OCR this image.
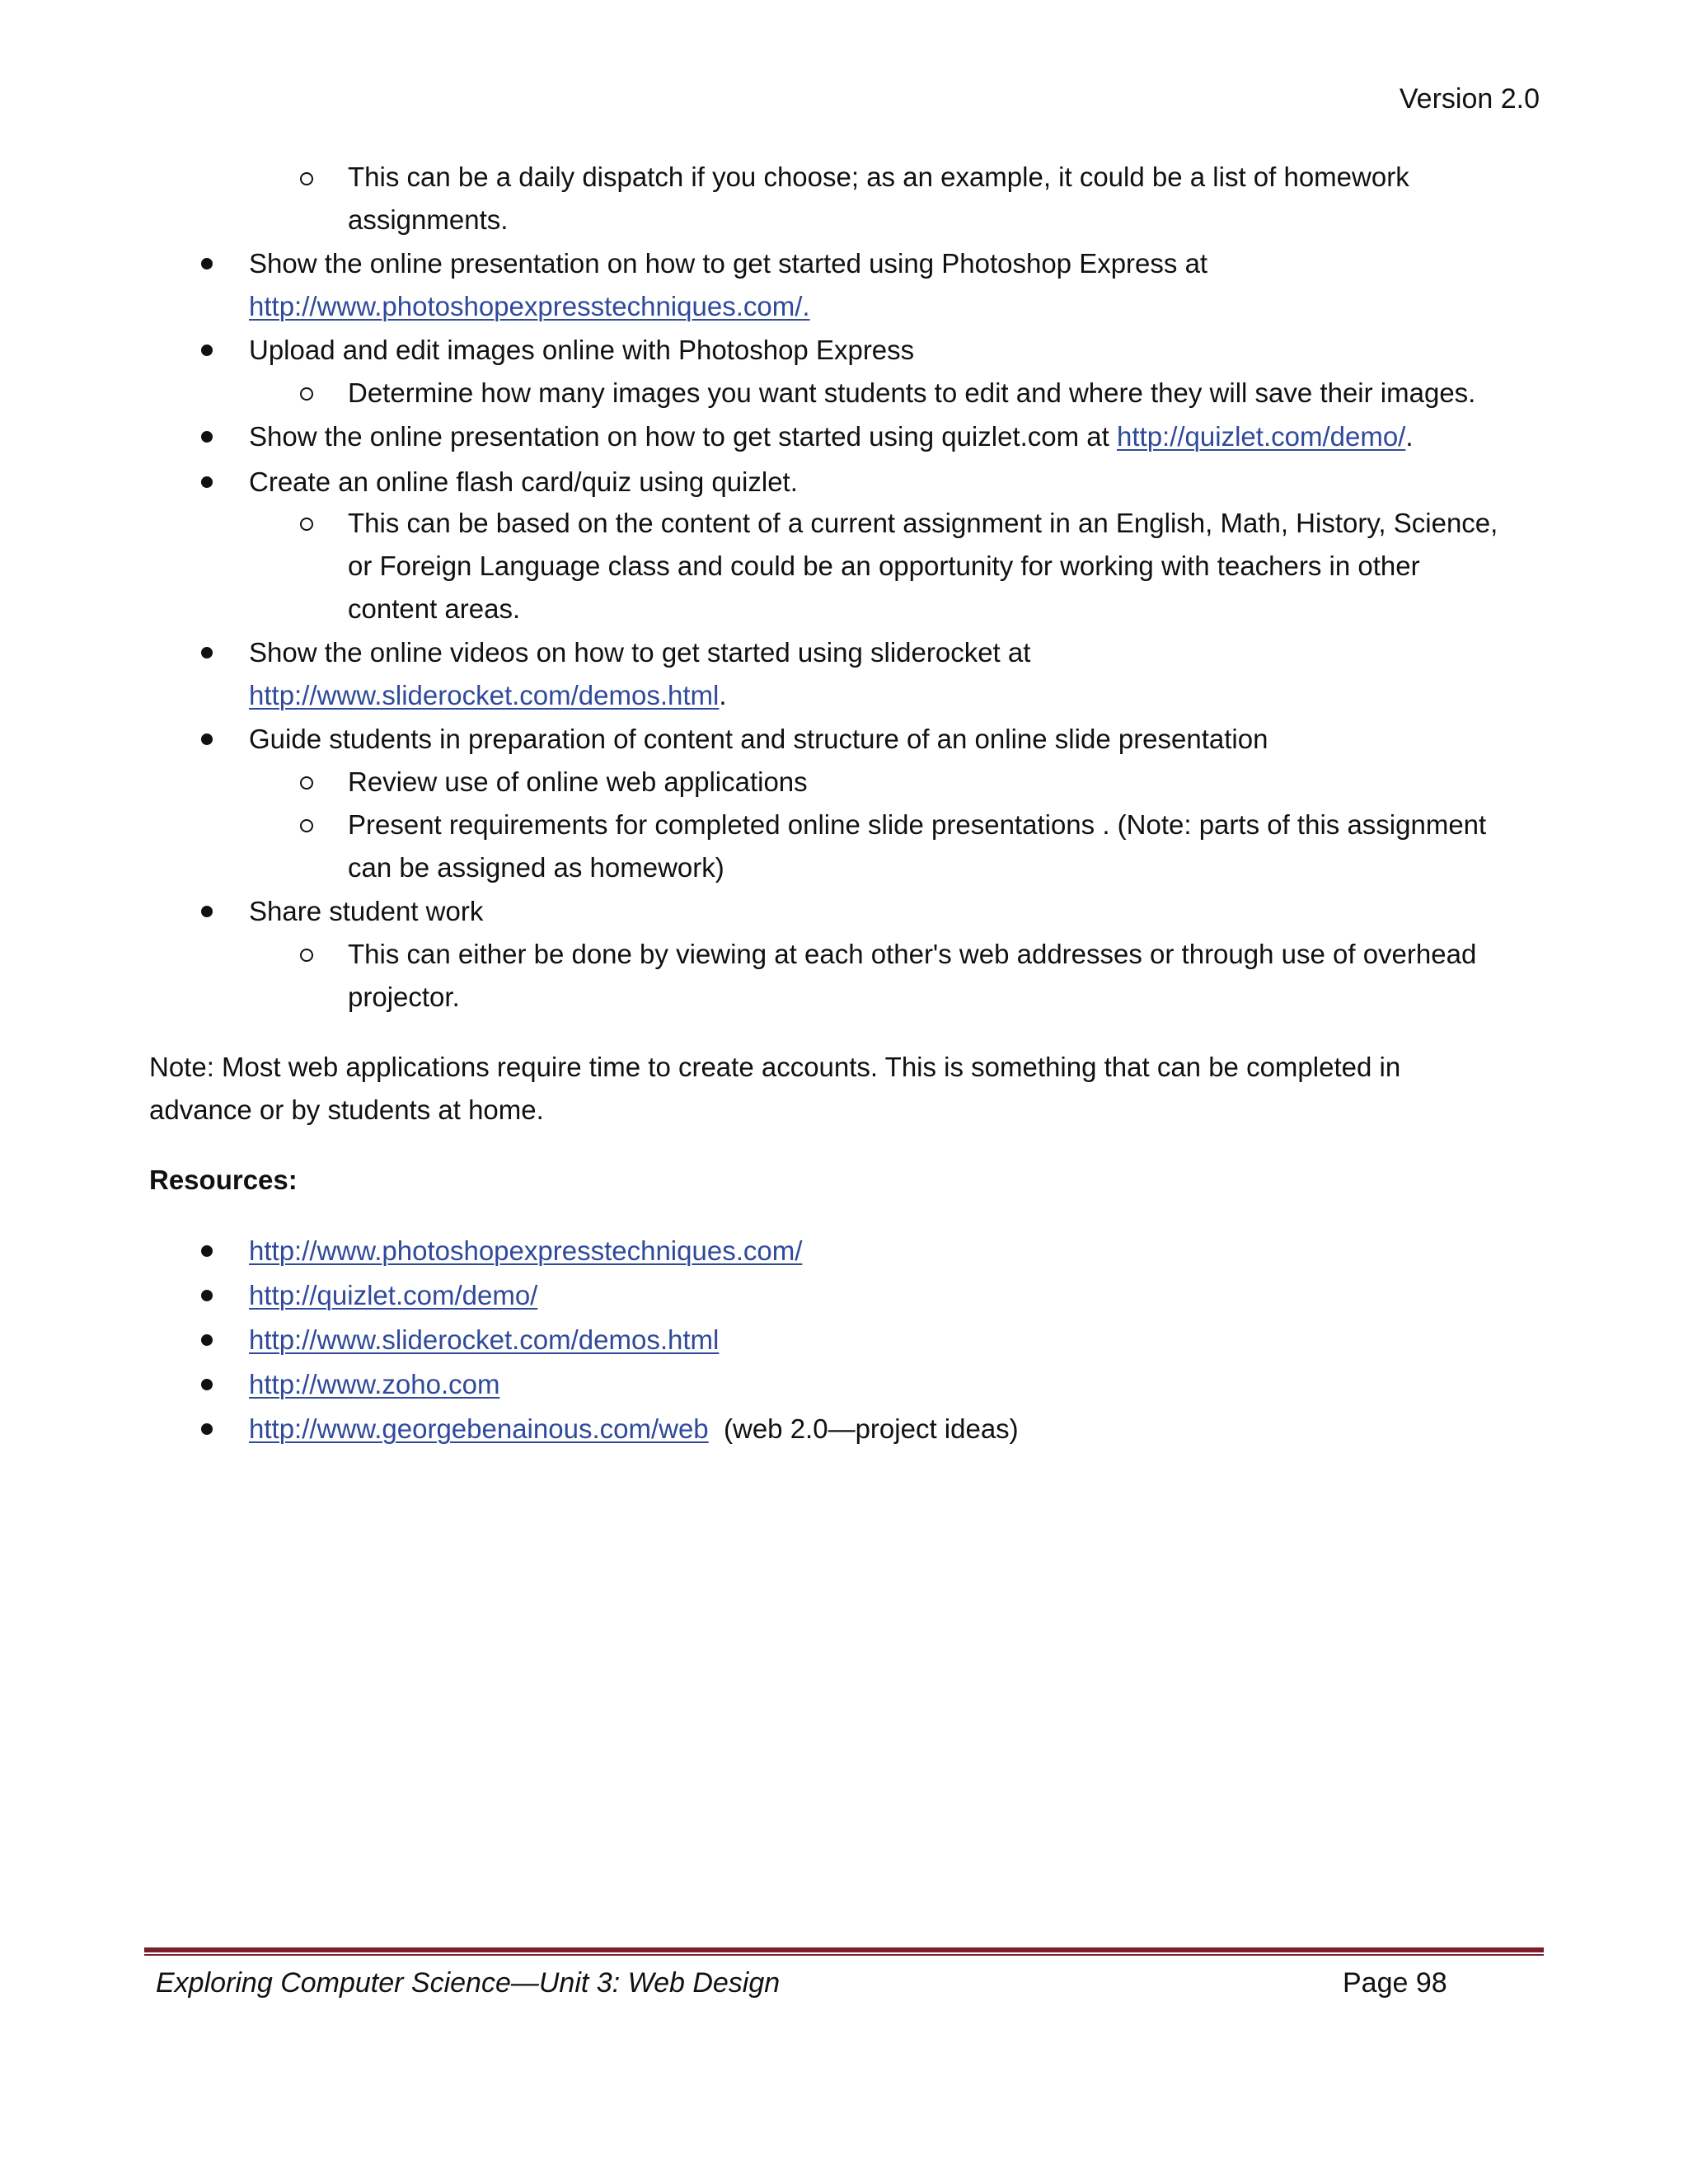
Version 2.0
This can be a daily dispatch if you choose; as an example, it could be a list of homework
assignments.
Show the online presentation on how to get started using Photoshop Express at
http://www.photoshopexpresstechniques.com/.
Upload and edit images online with Photoshop Express
Determine how many images you want students to edit and where they will save their images.
Show the online presentation on how to get started using quizlet.com at http://quizlet.com/demo/.
Create an online flash card/quiz using quizlet.
This can be based on the content of a current assignment in an English, Math, History, Science,
or Foreign Language class and could be an opportunity for working with teachers in other
content areas.
Show the online videos on how to get started using sliderocket at
http://www.sliderocket.com/demos.html.
Guide students in preparation of content and structure of an online slide presentation
Review use of online web applications
Present requirements for completed online slide presentations . (Note: parts of this assignment
can be assigned as homework)
Share student work
This can either be done by viewing at each other's web addresses or through use of overhead
projector.
Note: Most web applications require time to create accounts. This is something that can be completed in
advance or by students at home.
Resources:
http://www.photoshopexpresstechniques.com/
http://quizlet.com/demo/
http://www.sliderocket.com/demos.html
http://www.zoho.com
http://www.georgebenainous.com/web  (web 2.0—project ideas)
Exploring Computer Science—Unit 3: Web Design	Page 98
